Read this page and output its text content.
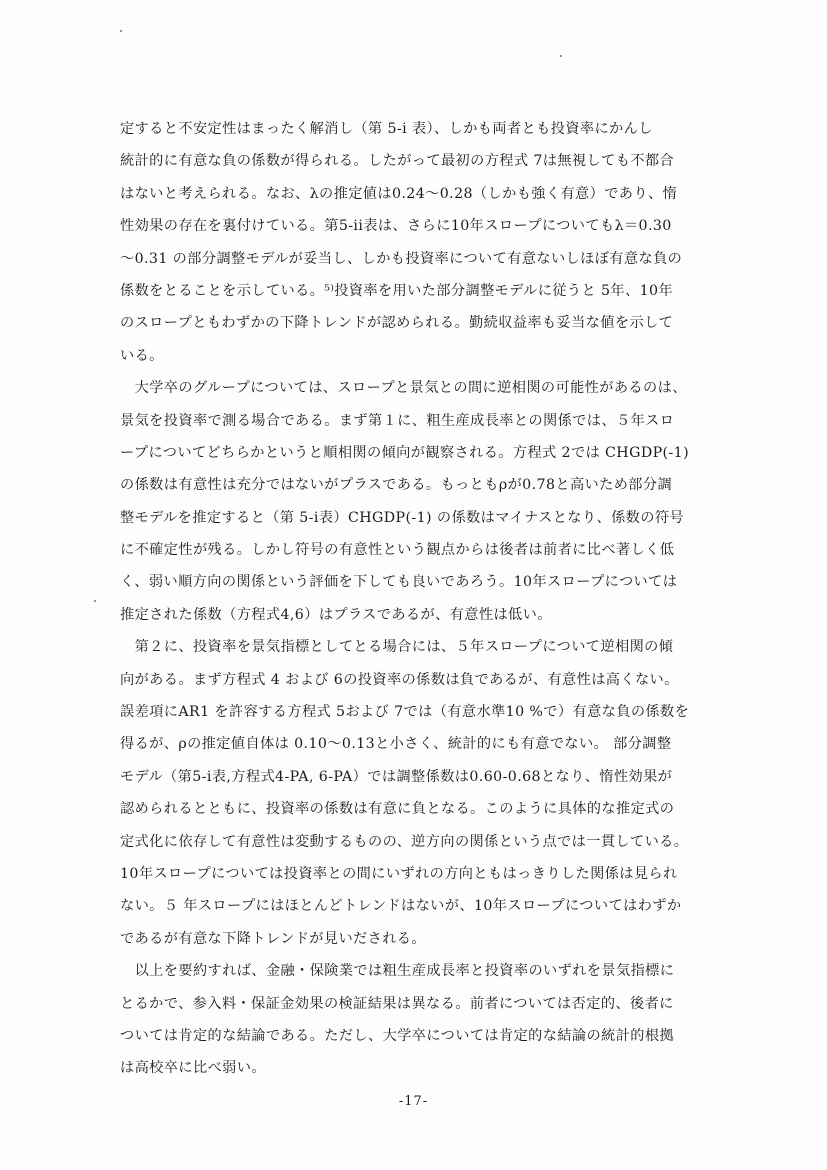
定すると不安定性はまったく解消し（第 5-i 表）、しかも両者とも投資率にかんし
統計的に有意な負の係数が得られる。したがって最初の方程式 7は無視しても不都合
はないと考えられる。なお、λの推定値は0.24～0.28（しかも強く有意）であり、惰
性効果の存在を裏付けている。第5-ii表は、さらに10年スロープについてもλ＝0.30
～0.31 の部分調整モデルが妥当し、しかも投資率について有意ないしほぼ有意な負の
係数をとることを示している。⁵⁾投資率を用いた部分調整モデルに従うと 5年、10年
のスロープともわずかの下降トレンドが認められる。勤続収益率も妥当な値を示して
いる。
　大学卒のグループについては、スロープと景気との間に逆相関の可能性があるのは、
景気を投資率で測る場合である。まず第１に、粗生産成長率との関係では、５年スロ
ープについてどちらかというと順相関の傾向が観察される。方程式 2では CHGDP(-1)
の係数は有意性は充分ではないがプラスである。もっともρが0.78と高いため部分調
整モデルを推定すると（第 5-i表）CHGDP(-1) の係数はマイナスとなり、係数の符号
に不確定性が残る。しかし符号の有意性という観点からは後者は前者に比べ著しく低
く、弱い順方向の関係という評価を下しても良いであろう。10年スロープについては
推定された係数（方程式4,6）はプラスであるが、有意性は低い。
　第２に、投資率を景気指標としてとる場合には、５年スロープについて逆相関の傾
向がある。まず方程式 4 および 6の投資率の係数は負であるが、有意性は高くない。
誤差項にAR1 を許容する方程式 5および 7では（有意水準10 %で）有意な負の係数を
得るが、ρの推定値自体は 0.10～0.13と小さく、統計的にも有意でない。 部分調整
モデル（第5-i表,方程式4-PA, 6-PA）では調整係数は0.60-0.68となり、惰性効果が
認められるとともに、投資率の係数は有意に負となる。このように具体的な推定式の
定式化に依存して有意性は変動するものの、逆方向の関係という点では一貫している。
10年スロープについては投資率との間にいずれの方向ともはっきりした関係は見られ
ない。５ 年スロープにはほとんどトレンドはないが、10年スロープについてはわずか
であるが有意な下降トレンドが見いだされる。
　以上を要約すれば、金融・保険業では粗生産成長率と投資率のいずれを景気指標に
とるかで、参入料・保証金効果の検証結果は異なる。前者については否定的、後者に
ついては肯定的な結論である。ただし、大学卒については肯定的な結論の統計的根拠
は高校卒に比べ弱い。
-17-
